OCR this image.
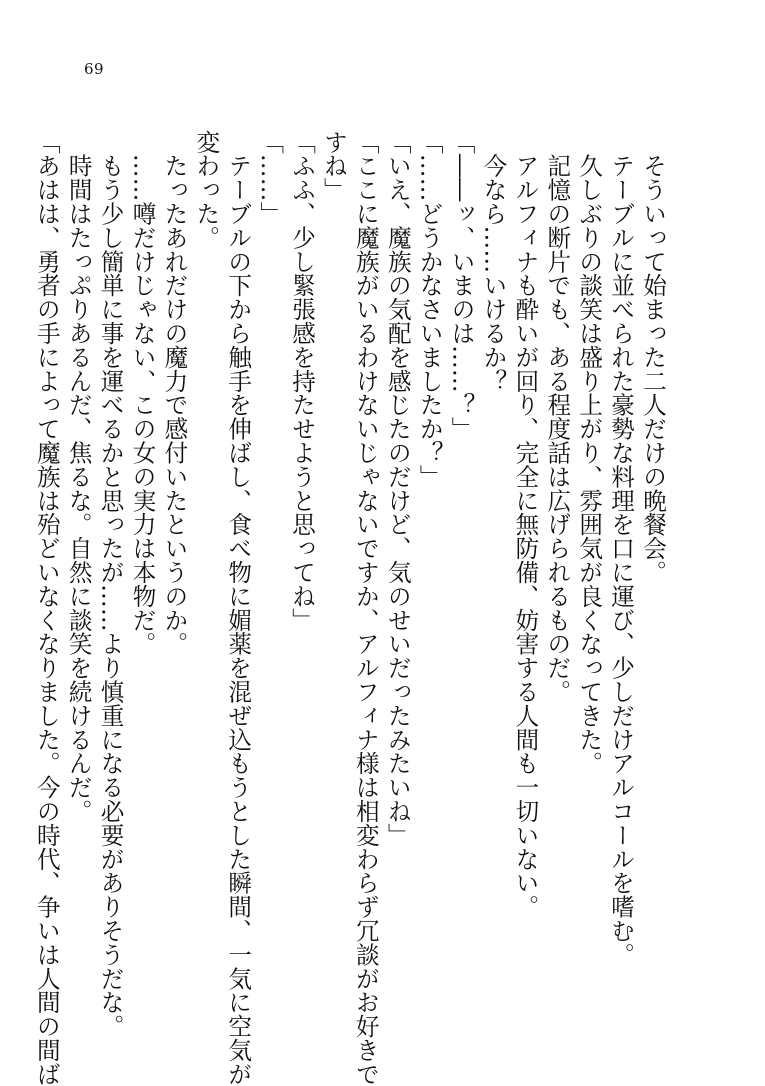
69

　そういって始まった二人だけの晩餐会。

　テーブルに並べられた豪勢な料理を口に運び、少しだけアルコールを嗜む。

　久しぶりの談笑は盛り上がり、雰囲気が良くなってきた。

　記憶の断片でも、ある程度話は広げられるものだ。

　アルフィナも酔いが回り、完全に無防備、妨害する人間も一切いない。

　今なら……いけるか？

「――ッ、いまのは……？」

「……どうかなさいましたか？」

「いえ、魔族の気配を感じたのだけど、気のせいだったみたいね」

「ここに魔族がいるわけないじゃないですか、アルフィナ様は相変わらず冗談がお好きで

すね」

「ふふ、少し緊張感を持たせようと思ってね」

「……」

　テーブルの下から触手を伸ばし、食べ物に媚薬を混ぜ込もうとした瞬間、一気に空気が

変わった。

　たったあれだけの魔力で感付いたというのか。

　……噂だけじゃない、この女の実力は本物だ。

　もう少し簡単に事を運べるかと思ったが……より慎重になる必要がありそうだな。

　時間はたっぷりあるんだ、焦るな。自然に談笑を続けるんだ。

「あはは、勇者の手によって魔族は殆どいなくなりました。今の時代、争いは人間の間ば
